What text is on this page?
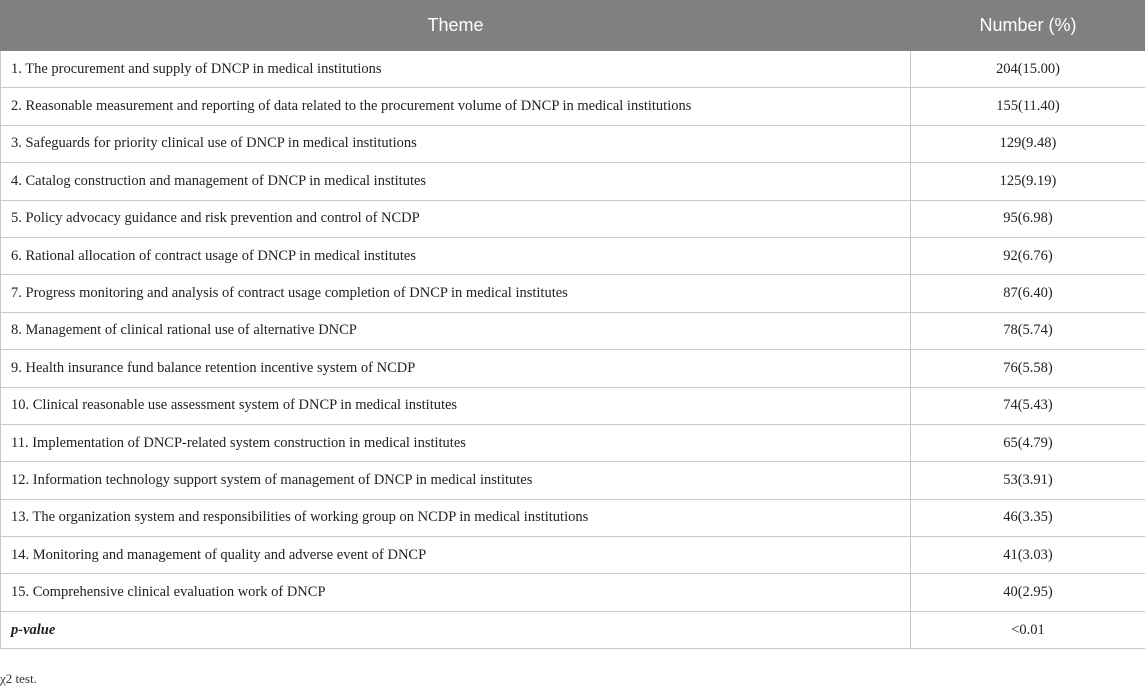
Theme	Number (%)
1. The procurement and supply of DNCP in medical institutions	204(15.00)
2. Reasonable measurement and reporting of data related to the procurement volume of DNCP in medical institutions	155(11.40)
3. Safeguards for priority clinical use of DNCP in medical institutions	129(9.48)
4. Catalog construction and management of DNCP in medical institutes	125(9.19)
5. Policy advocacy guidance and risk prevention and control of NCDP	95(6.98)
6. Rational allocation of contract usage of DNCP in medical institutes	92(6.76)
7. Progress monitoring and analysis of contract usage completion of DNCP in medical institutes	87(6.40)
8. Management of clinical rational use of alternative DNCP	78(5.74)
9. Health insurance fund balance retention incentive system of NCDP	76(5.58)
10. Clinical reasonable use assessment system of DNCP in medical institutes	74(5.43)
11. Implementation of DNCP-related system construction in medical institutes	65(4.79)
12. Information technology support system of management of DNCP in medical institutes	53(3.91)
13. The organization system and responsibilities of working group on NCDP in medical institutions	46(3.35)
14. Monitoring and management of quality and adverse event of DNCP	41(3.03)
15. Comprehensive clinical evaluation work of DNCP	40(2.95)
p-value	<0.01
χ2 test.
